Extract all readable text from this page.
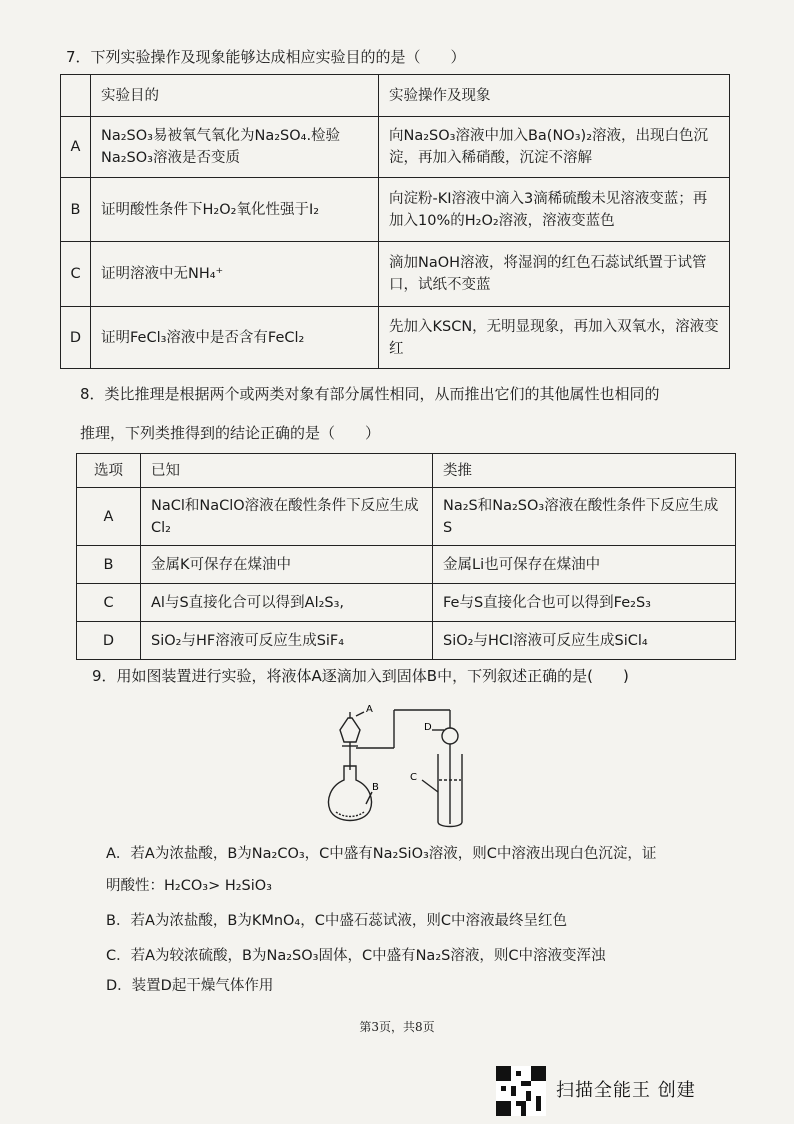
7．下列实验操作及现象能够达成相应实验目的的是（　　）
	实验目的	实验操作及现象
A	Na₂SO₃易被氧气氧化为Na₂SO₄.检验Na₂SO₃溶液是否变质	向Na₂SO₃溶液中加入Ba(NO₃)₂溶液，出现白色沉淀，再加入稀硝酸，沉淀不溶解
B	证明酸性条件下H₂O₂氧化性强于I₂	向淀粉-KI溶液中滴入3滴稀硫酸未见溶液变蓝；再加入10%的H₂O₂溶液，溶液变蓝色
C	证明溶液中无NH₄⁺	滴加NaOH溶液，将湿润的红色石蕊试纸置于试管口，试纸不变蓝
D	证明FeCl₃溶液中是否含有FeCl₂	先加入KSCN，无明显现象，再加入双氧水，溶液变红
8．类比推理是根据两个或两类对象有部分属性相同，从而推出它们的其他属性也相同的
推理，下列类推得到的结论正确的是（　　）
选项	已知	类推
A	NaCl和NaClO溶液在酸性条件下反应生成Cl₂	Na₂S和Na₂SO₃溶液在酸性条件下反应生成S
B	金属K可保存在煤油中	金属Li也可保存在煤油中
C	Al与S直接化合可以得到Al₂S₃,	Fe与S直接化合也可以得到Fe₂S₃
D	SiO₂与HF溶液可反应生成SiF₄	SiO₂与HCl溶液可反应生成SiCl₄
9．用如图装置进行实验，将液体A逐滴加入到固体B中，下列叙述正确的是(　　)
A
B
D
C
A．若A为浓盐酸，B为Na₂CO₃，C中盛有Na₂SiO₃溶液，则C中溶液出现白色沉淀，证
明酸性：H₂CO₃> H₂SiO₃
B．若A为浓盐酸，B为KMnO₄，C中盛石蕊试液，则C中溶液最终呈红色
C．若A为较浓硫酸，B为Na₂SO₃固体，C中盛有Na₂S溶液，则C中溶液变浑浊
D．装置D起干燥气体作用
第3页，共8页
扫描全能王 创建
